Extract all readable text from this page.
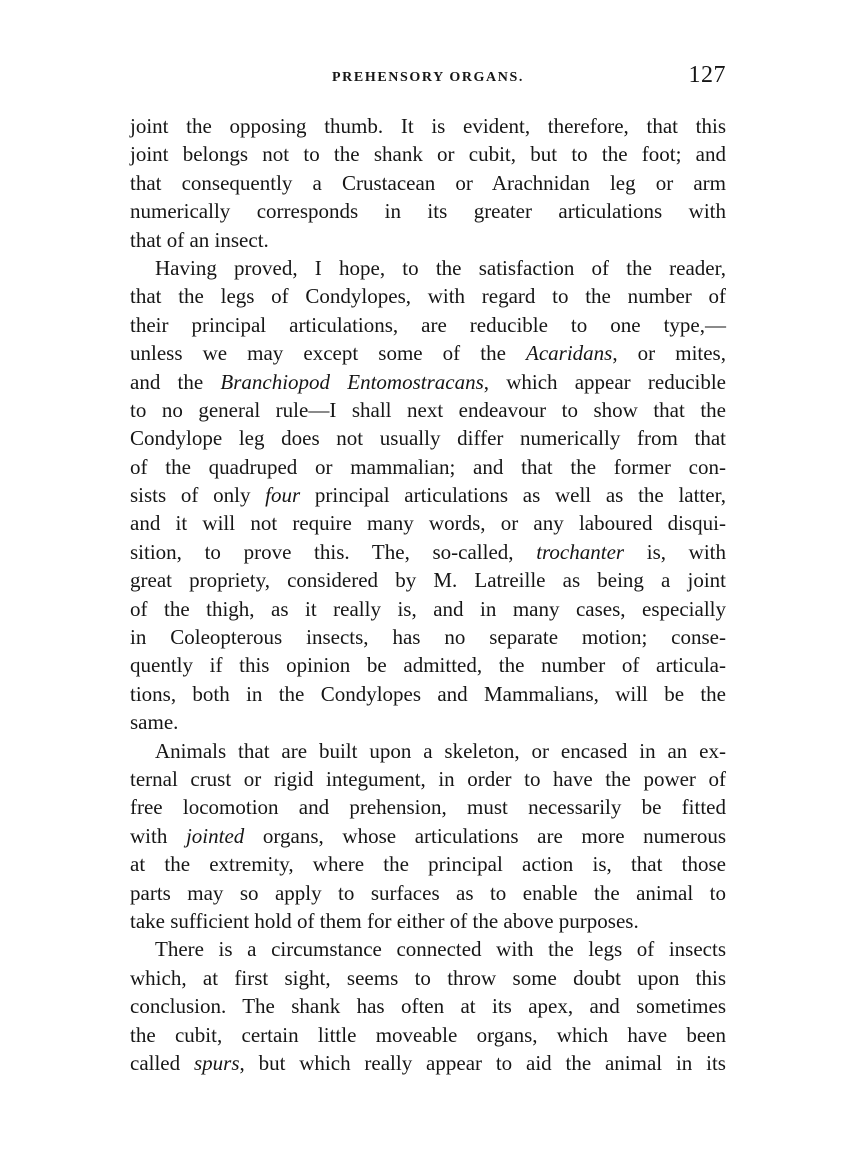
PREHENSORY ORGANS.	127
joint the opposing thumb. It is evident, therefore, that this
joint belongs not to the shank or cubit, but to the foot; and
that consequently a Crustacean or Arachnidan leg or arm
numerically corresponds in its greater articulations with
that of an insect.
Having proved, I hope, to the satisfaction of the reader,
that the legs of Condylopes, with regard to the number of
their principal articulations, are reducible to one type,—
unless we may except some of the Acaridans, or mites,
and the Branchiopod Entomostracans, which appear reducible
to no general rule—I shall next endeavour to show that the
Condylope leg does not usually differ numerically from that
of the quadruped or mammalian; and that the former con-
sists of only four principal articulations as well as the latter,
and it will not require many words, or any laboured disqui-
sition, to prove this. The, so-called, trochanter is, with
great propriety, considered by M. Latreille as being a joint
of the thigh, as it really is, and in many cases, especially
in Coleopterous insects, has no separate motion; conse-
quently if this opinion be admitted, the number of articula-
tions, both in the Condylopes and Mammalians, will be the
same.
Animals that are built upon a skeleton, or encased in an ex-
ternal crust or rigid integument, in order to have the power of
free locomotion and prehension, must necessarily be fitted
with jointed organs, whose articulations are more numerous
at the extremity, where the principal action is, that those
parts may so apply to surfaces as to enable the animal to
take sufficient hold of them for either of the above purposes.
There is a circumstance connected with the legs of insects
which, at first sight, seems to throw some doubt upon this
conclusion. The shank has often at its apex, and sometimes
the cubit, certain little moveable organs, which have been
called spurs, but which really appear to aid the animal in its
